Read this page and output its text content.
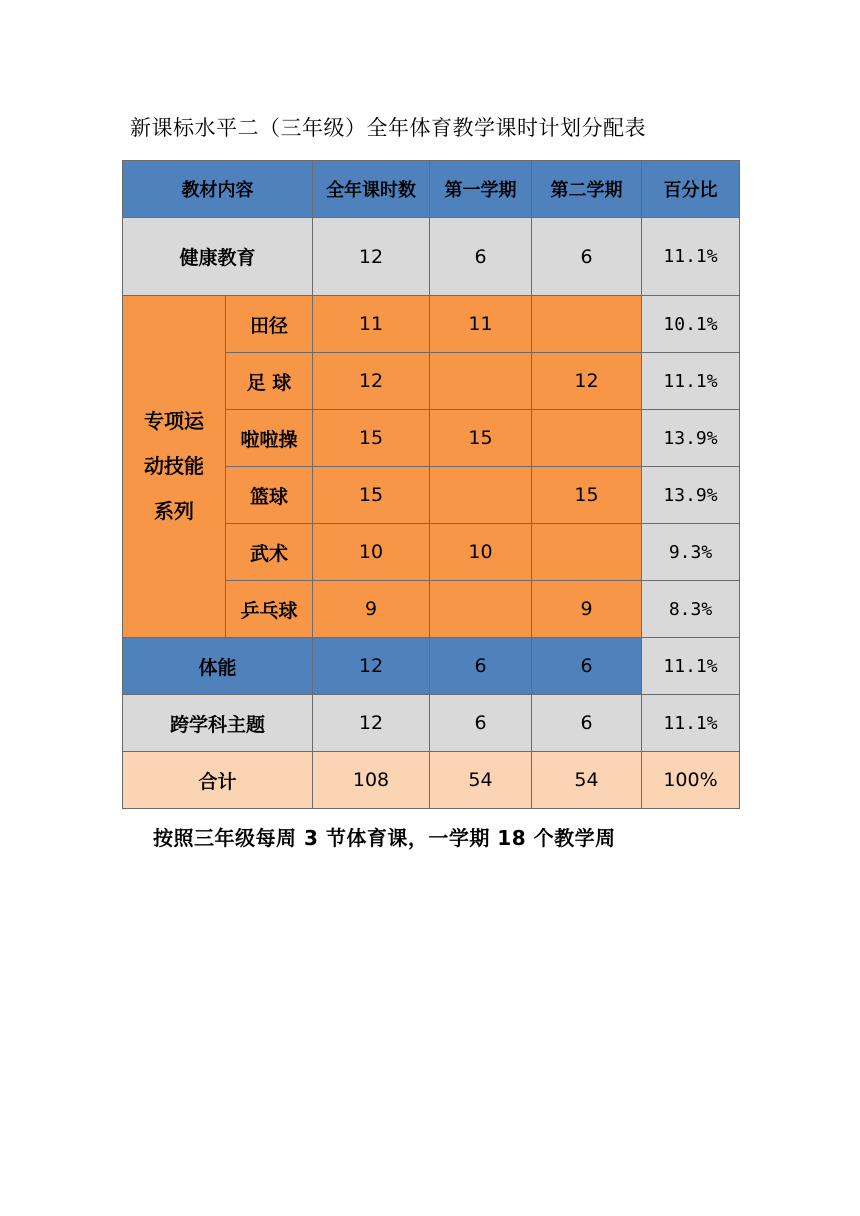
新课标水平二（三年级）全年体育教学课时计划分配表
教材内容		全年课时数	第一学期	第二学期	百分比
健康教育		12	6	6	11.1%

专项运
动技能
系列	田径	11	11		10.1%
	足 球	12		12	11.1%
	啦啦操	15	15		13.9%
	篮球	15		15	13.9%
	武术	10	10		9.3%
	乒乓球	9		9	8.3%
体能		12	6	6	11.1%
跨学科主题		12	6	6	11.1%
合计		108	54	54	100%
按照三年级每周 3 节体育课，一学期 18 个教学周
